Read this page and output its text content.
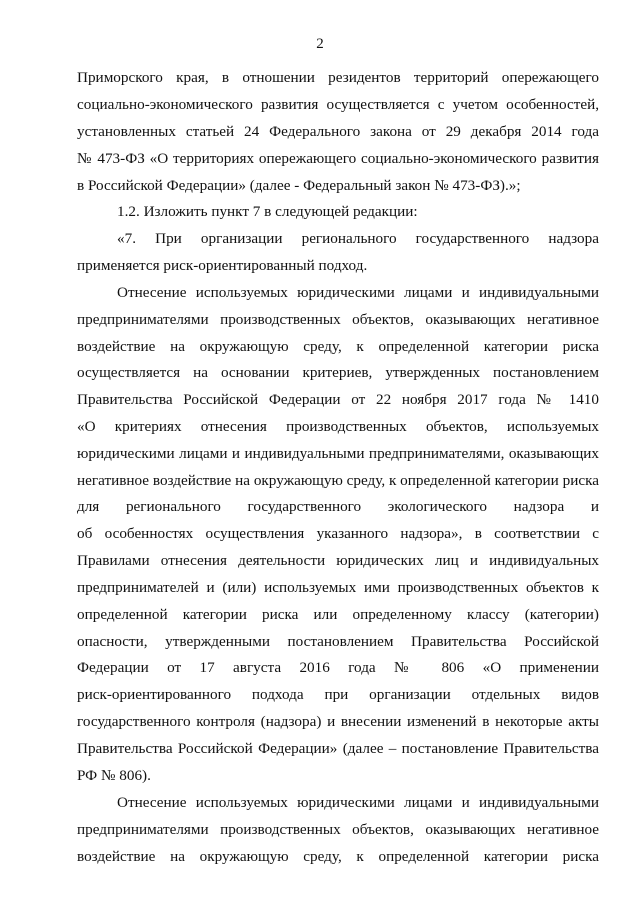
2
Приморского края, в отношении резидентов территорий опережающего
социально-экономического развития осуществляется с учетом особенностей,
установленных статьей 24 Федерального закона от 29 декабря 2014 года
№ 473-ФЗ «О территориях опережающего социально-экономического развития
в Российской Федерации» (далее - Федеральный закон № 473-ФЗ).»;
1.2. Изложить пункт 7 в следующей редакции:
«7. При организации регионального государственного надзора
применяется риск-ориентированный подход.
Отнесение используемых юридическими лицами и индивидуальными
предпринимателями производственных объектов, оказывающих негативное
воздействие на окружающую среду, к определенной категории риска
осуществляется на основании критериев, утвержденных постановлением
Правительства Российской Федерации от 22 ноября 2017 года № 1410
«О критериях отнесения производственных объектов, используемых
юридическими лицами и индивидуальными предпринимателями, оказывающих
негативное воздействие на окружающую среду, к определенной категории риска
для регионального государственного экологического надзора и
об особенностях осуществления указанного надзора», в соответствии с
Правилами отнесения деятельности юридических лиц и индивидуальных
предпринимателей и (или) используемых ими производственных объектов к
определенной категории риска или определенному классу (категории)
опасности, утвержденными постановлением Правительства Российской
Федерации от 17 августа 2016 года № 806 «О применении
риск-ориентированного подхода при организации отдельных видов
государственного контроля (надзора) и внесении изменений в некоторые акты
Правительства Российской Федерации» (далее – постановление Правительства
РФ № 806).
Отнесение используемых юридическими лицами и индивидуальными
предпринимателями производственных объектов, оказывающих негативное
воздействие на окружающую среду, к определенной категории риска
